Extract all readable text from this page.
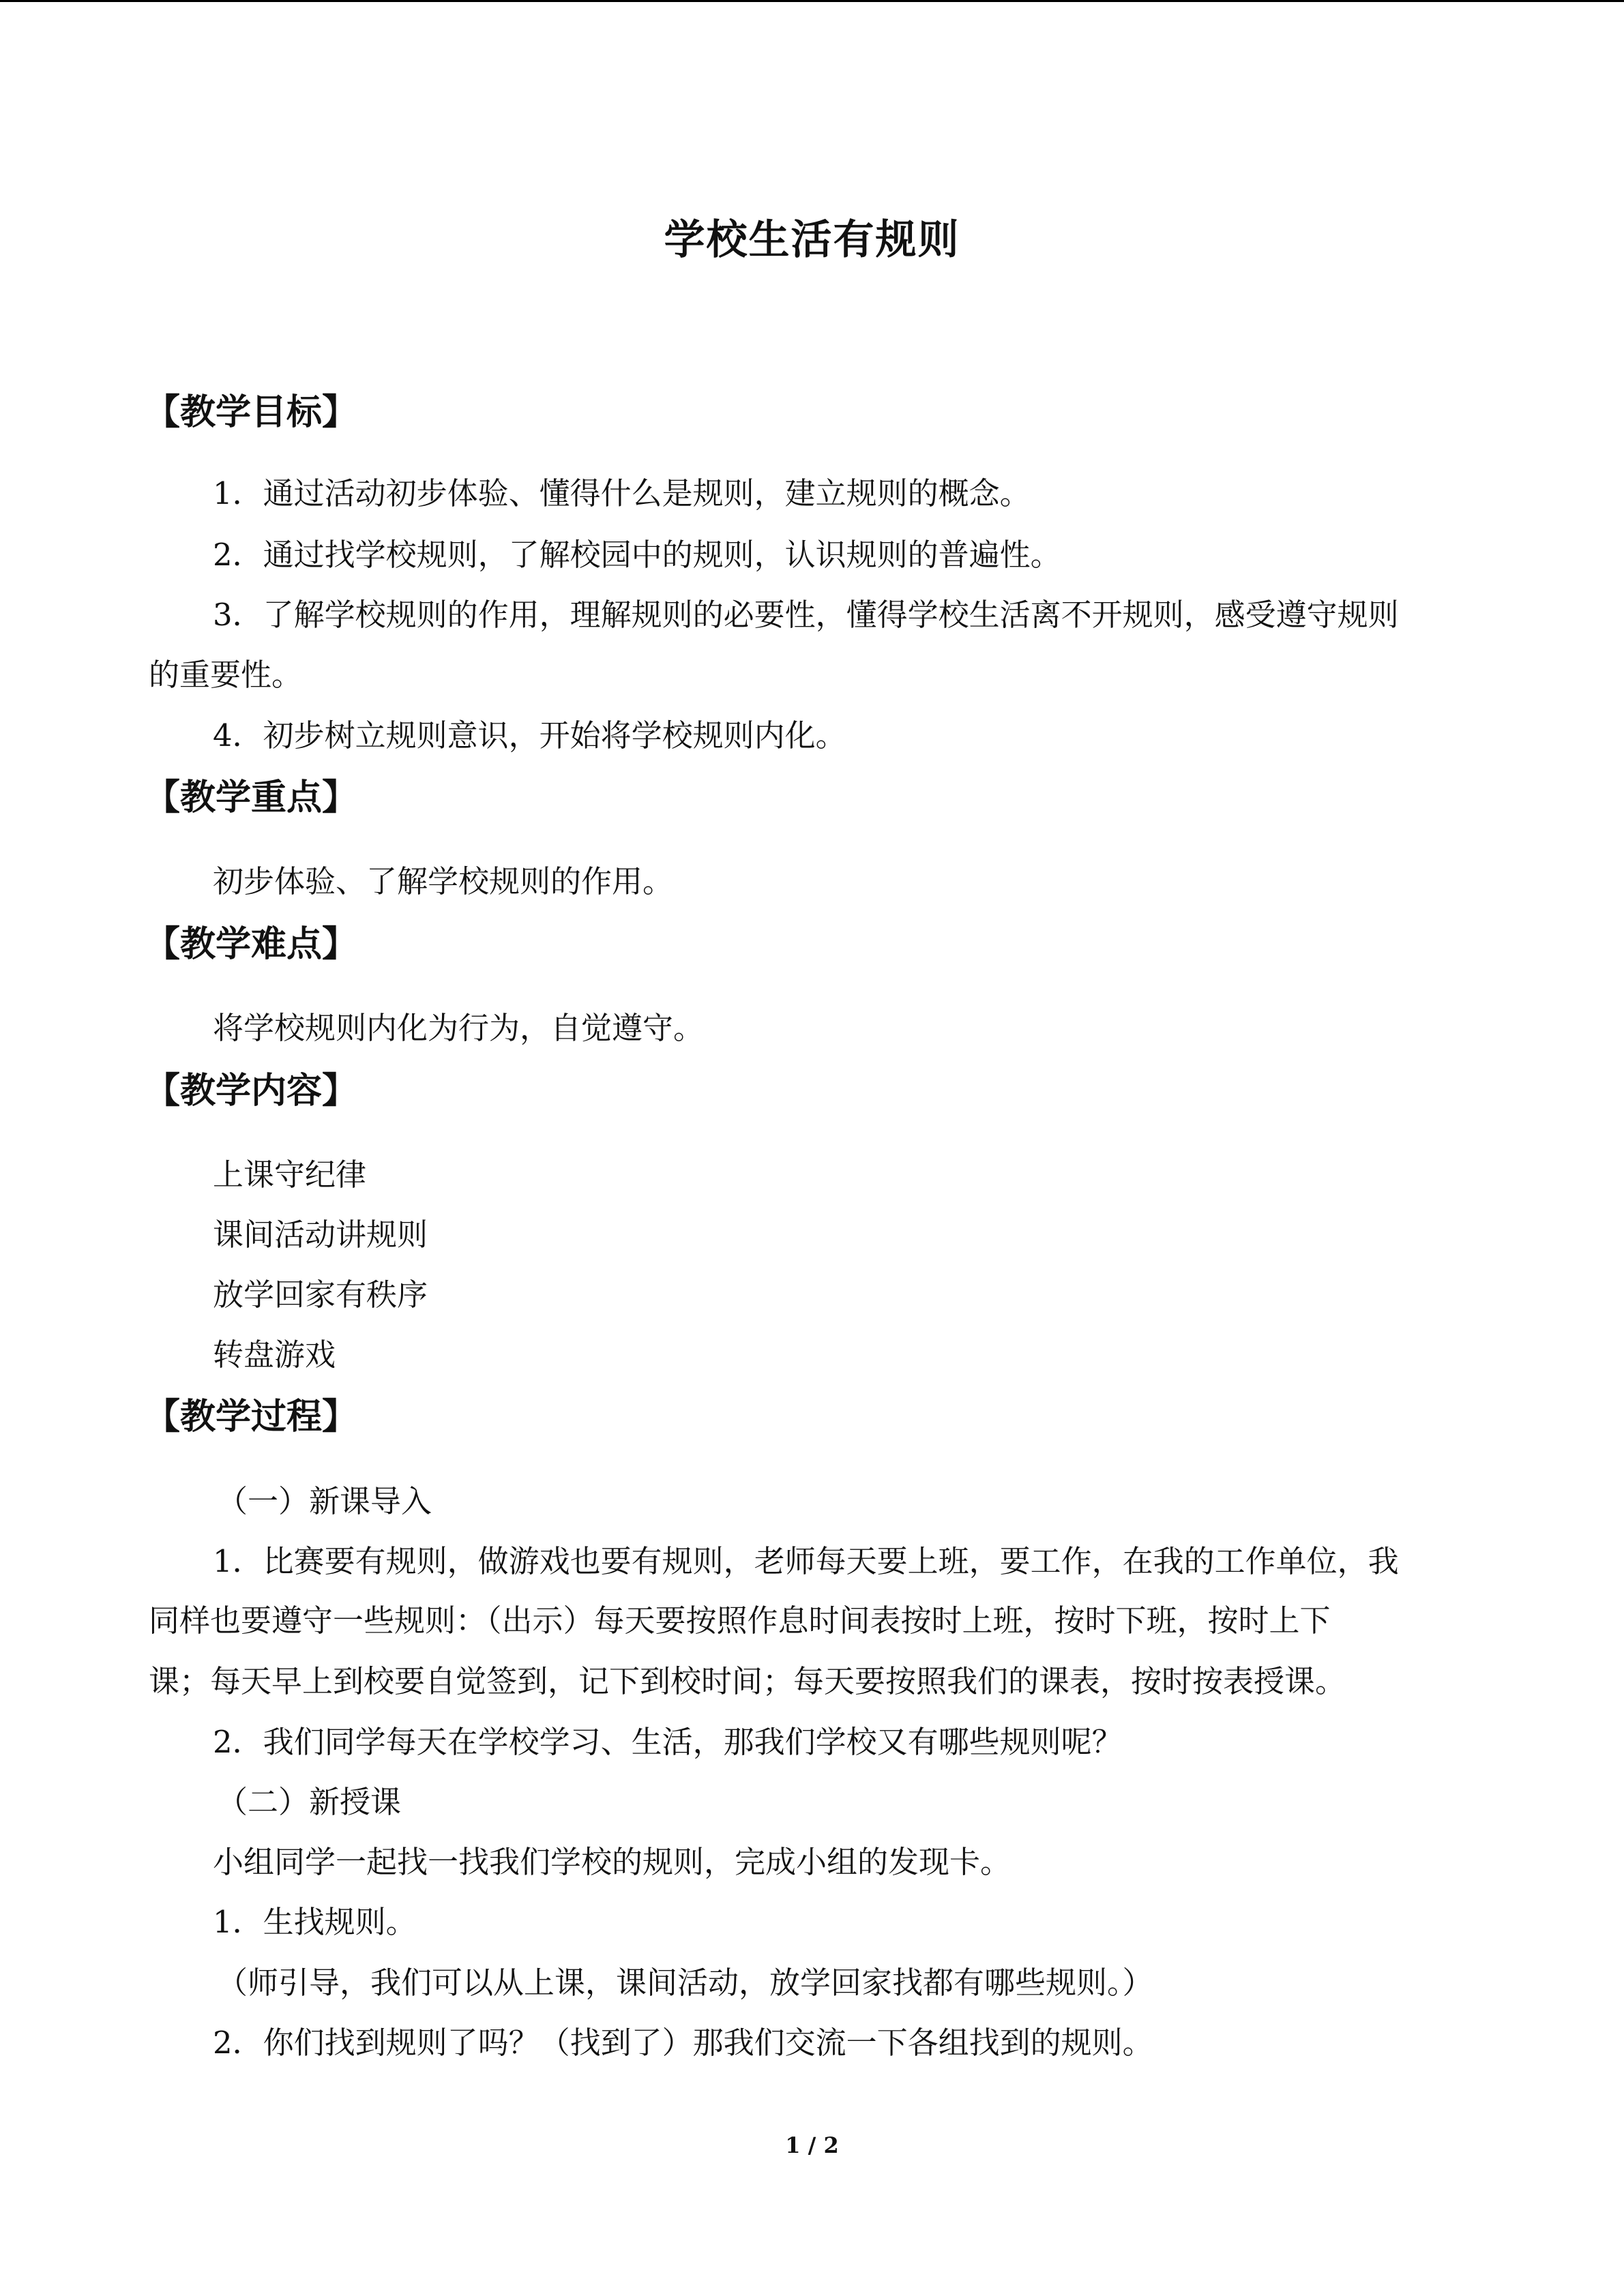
学校生活有规则
【教学目标】
1．通过活动初步体验、懂得什么是规则，建立规则的概念。
2．通过找学校规则，了解校园中的规则，认识规则的普遍性。
3．了解学校规则的作用，理解规则的必要性，懂得学校生活离不开规则，感受遵守规则
的重要性。
4．初步树立规则意识，开始将学校规则内化。
【教学重点】
初步体验、了解学校规则的作用。
【教学难点】
将学校规则内化为行为，自觉遵守。
【教学内容】
上课守纪律
课间活动讲规则
放学回家有秩序
转盘游戏
【教学过程】
（一）新课导入
1．比赛要有规则，做游戏也要有规则，老师每天要上班，要工作，在我的工作单位，我
同样也要遵守一些规则：（出示）每天要按照作息时间表按时上班，按时下班，按时上下
课；每天早上到校要自觉签到，记下到校时间；每天要按照我们的课表，按时按表授课。
2．我们同学每天在学校学习、生活，那我们学校又有哪些规则呢？
（二）新授课
小组同学一起找一找我们学校的规则，完成小组的发现卡。
1．生找规则。
（师引导，我们可以从上课，课间活动，放学回家找都有哪些规则。）
2．你们找到规则了吗？（找到了）那我们交流一下各组找到的规则。
1 / 2
